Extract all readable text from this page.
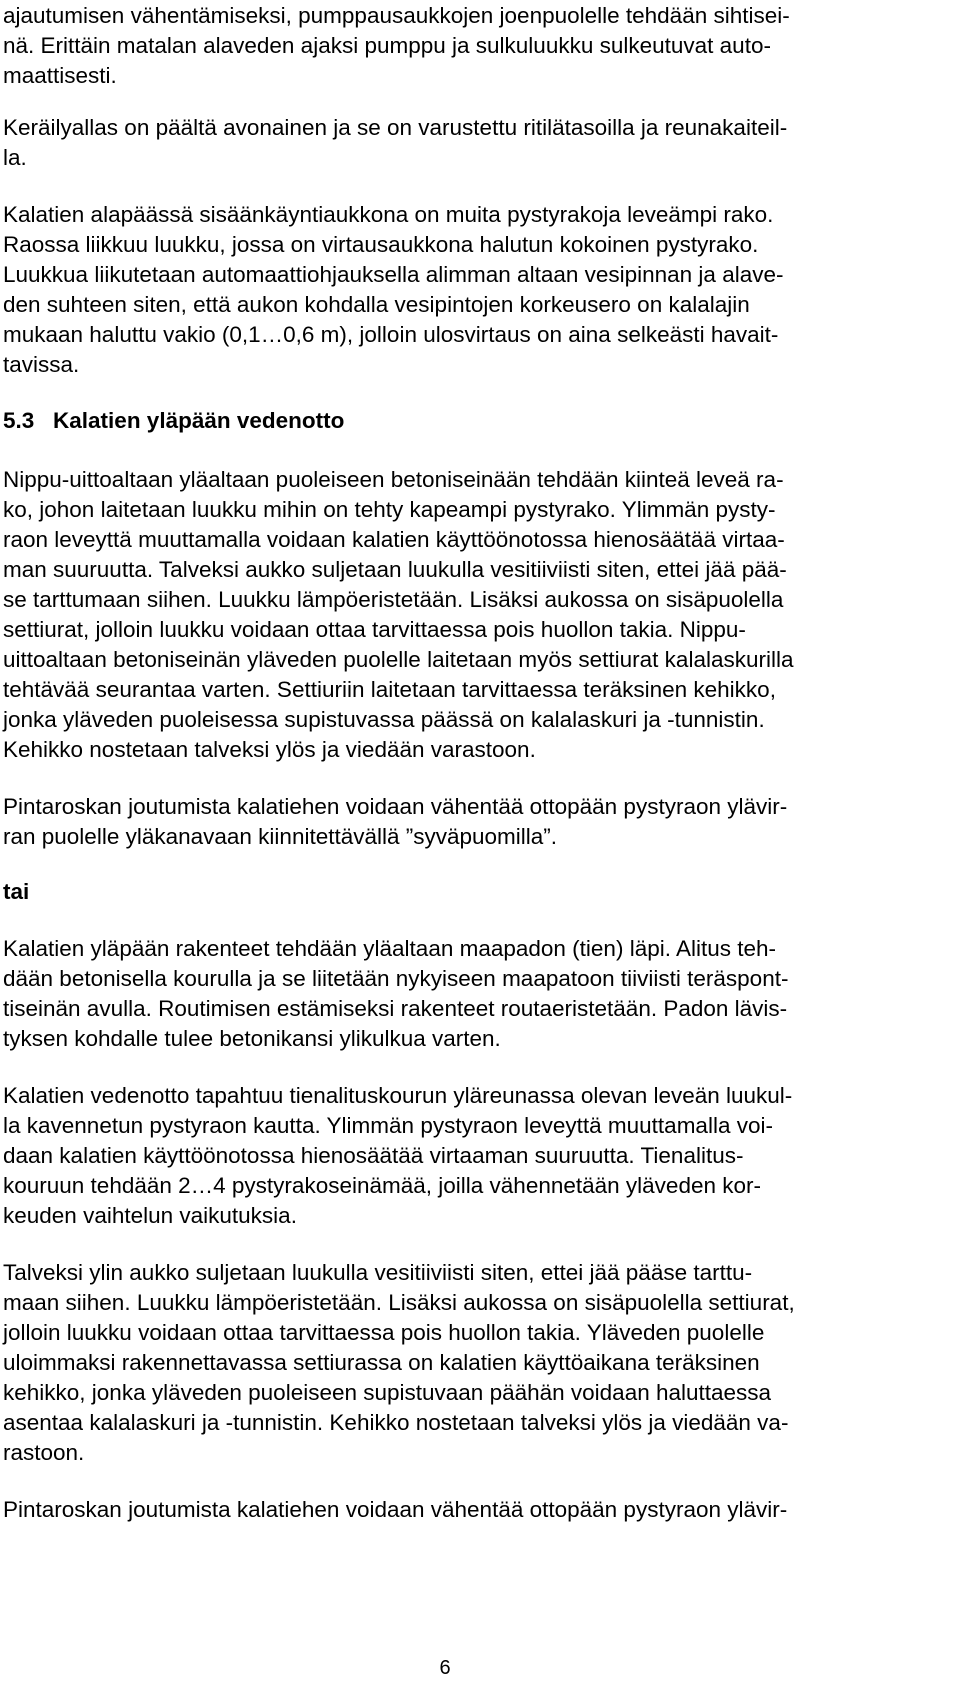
ajautumisen vähentämiseksi, pumppausaukkojen joenpuolelle tehdään sihtisei-

nä. Erittäin matalan alaveden ajaksi pumppu ja sulkuluukku sulkeutuvat auto-

maattisesti.

Keräilyallas on päältä avonainen ja se on varustettu ritilätasoilla ja reunakaiteil-

la.

Kalatien alapäässä sisäänkäyntiaukkona on muita pystyrakoja leveämpi rako.

Raossa liikkuu luukku, jossa on virtausaukkona halutun kokoinen pystyrako.

Luukkua liikutetaan automaattiohjauksella alimman altaan vesipinnan ja alave-

den suhteen siten, että aukon kohdalla vesipintojen korkeusero on kalalajin

mukaan haluttu vakio (0,1…0,6 m), jolloin ulosvirtaus on aina selkeästi havait-

tavissa.

5.3   Kalatien yläpään vedenotto

Nippu-uittoaltaan yläaltaan puoleiseen betoniseinään tehdään kiinteä leveä ra-

ko, johon laitetaan luukku mihin on tehty kapeampi pystyrako. Ylimmän pysty-

raon leveyttä muuttamalla voidaan kalatien käyttöönotossa hienosäätää virtaa-

man suuruutta. Talveksi aukko suljetaan luukulla vesitiiviisti siten, ettei jää pää-

se tarttumaan siihen. Luukku lämpöeristetään. Lisäksi aukossa on sisäpuolella

settiurat, jolloin luukku voidaan ottaa tarvittaessa pois huollon takia. Nippu-

uittoaltaan betoniseinän yläveden puolelle laitetaan myös settiurat kalalaskurilla

tehtävää seurantaa varten. Settiuriin laitetaan tarvittaessa teräksinen kehikko,

jonka yläveden puoleisessa supistuvassa päässä on kalalaskuri ja -tunnistin.

Kehikko nostetaan talveksi ylös ja viedään varastoon.

Pintaroskan joutumista kalatiehen voidaan vähentää ottopään pystyraon ylävir-

ran puolelle yläkanavaan kiinnitettävällä ”syväpuomilla”.

tai

Kalatien yläpään rakenteet tehdään yläaltaan maapadon (tien) läpi. Alitus teh-

dään betonisella kourulla ja se liitetään nykyiseen maapatoon tiiviisti teräspont-

tiseinän avulla. Routimisen estämiseksi rakenteet routaeristetään. Padon lävis-

tyksen kohdalle tulee betonikansi ylikulkua varten.

Kalatien vedenotto tapahtuu tienalituskourun yläreunassa olevan leveän luukul-

la kavennetun pystyraon kautta. Ylimmän pystyraon leveyttä muuttamalla voi-

daan kalatien käyttöönotossa hienosäätää virtaaman suuruutta. Tienalitus-

kouruun tehdään 2…4 pystyrakoseinämää, joilla vähennetään yläveden kor-

keuden vaihtelun vaikutuksia.

Talveksi ylin aukko suljetaan luukulla vesitiiviisti siten, ettei jää pääse tarttu-

maan siihen. Luukku lämpöeristetään. Lisäksi aukossa on sisäpuolella settiurat,

jolloin luukku voidaan ottaa tarvittaessa pois huollon takia. Yläveden puolelle

uloimmaksi rakennettavassa settiurassa on kalatien käyttöaikana teräksinen

kehikko, jonka yläveden puoleiseen supistuvaan päähän voidaan haluttaessa

asentaa kalalaskuri ja -tunnistin. Kehikko nostetaan talveksi ylös ja viedään va-

rastoon.

Pintaroskan joutumista kalatiehen voidaan vähentää ottopään pystyraon ylävir-

6
